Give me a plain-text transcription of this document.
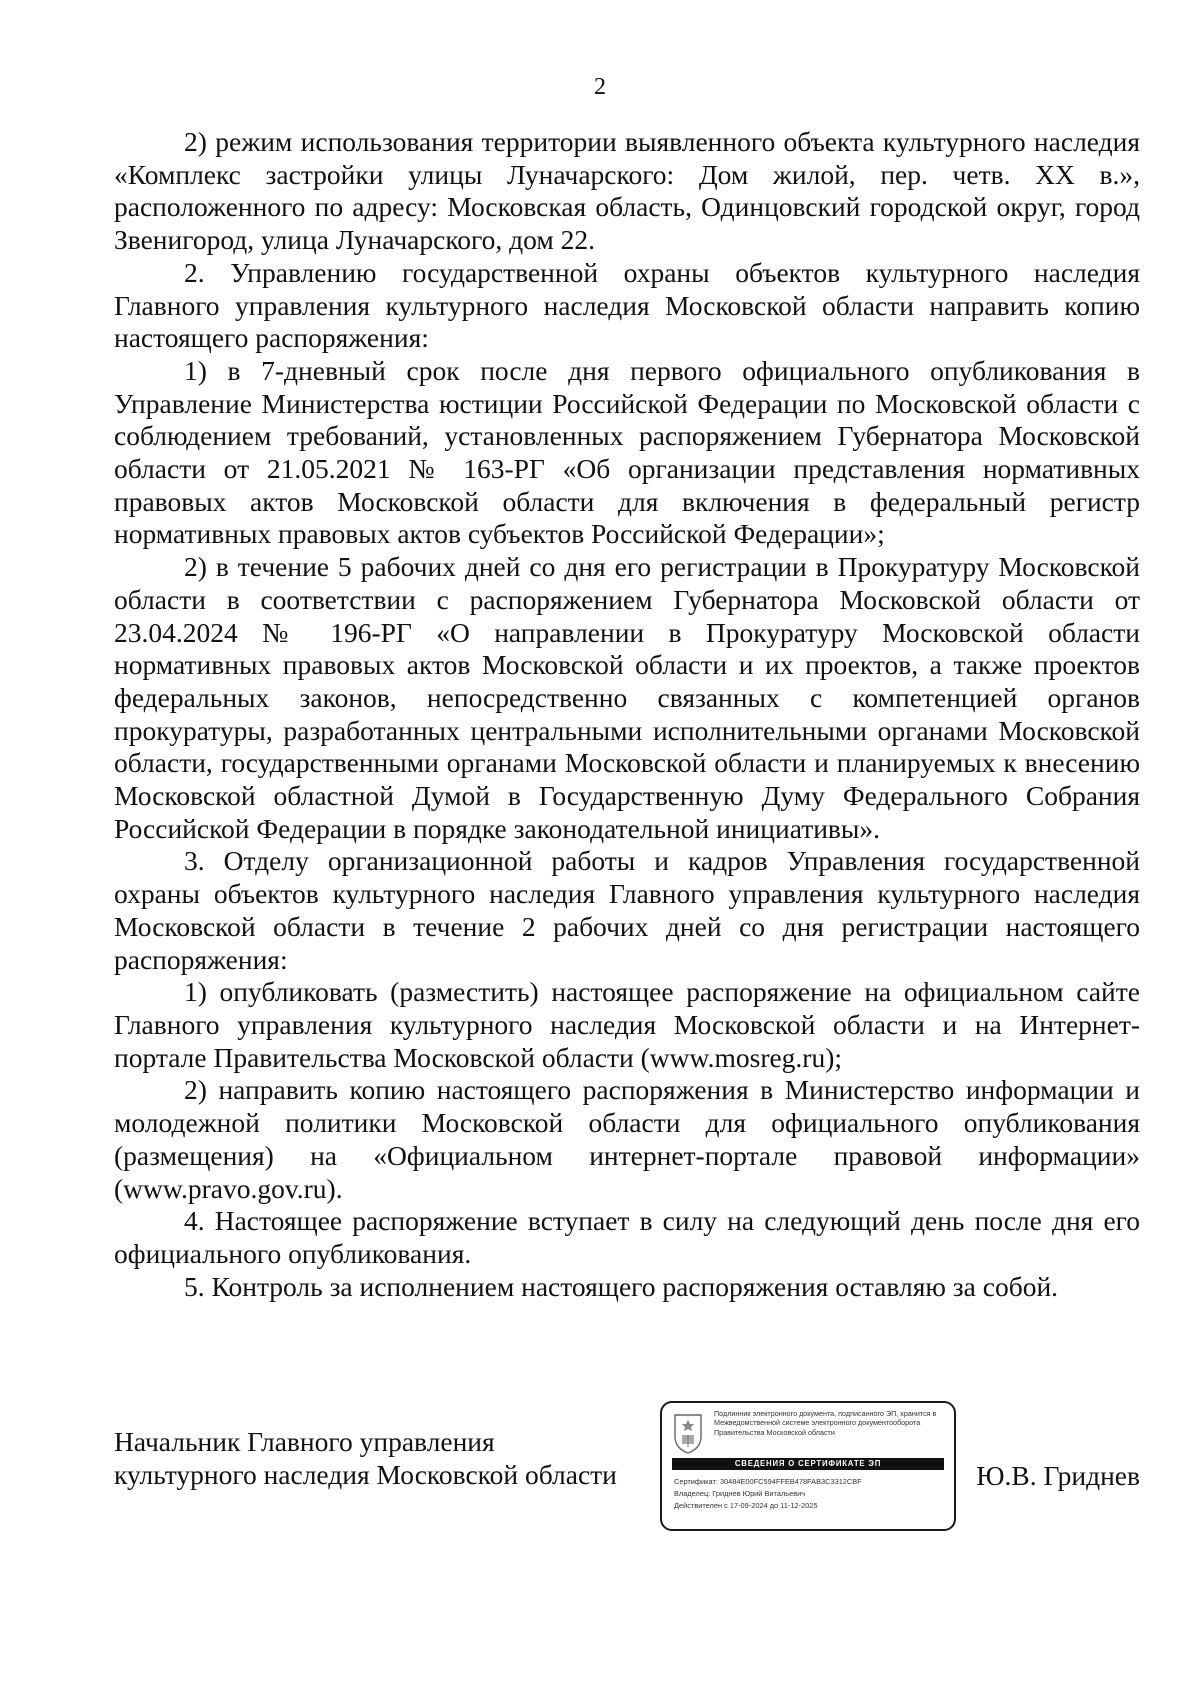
2

2) режим использования территории выявленного объекта культурного наследия «Комплекс застройки улицы Луначарского: Дом жилой, пер. четв. XX в.», расположенного по адресу: Московская область, Одинцовский городской округ, город Звенигород, улица Луначарского, дом 22.

2. Управлению государственной охраны объектов культурного наследия Главного управления культурного наследия Московской области направить копию настоящего распоряжения:

1) в 7-дневный срок после дня первого официального опубликования в Управление Министерства юстиции Российской Федерации по Московской области с соблюдением требований, установленных распоряжением Губернатора Московской области от 21.05.2021 № 163-РГ «Об организации представления нормативных правовых актов Московской области для включения в федеральный регистр нормативных правовых актов субъектов Российской Федерации»;

2) в течение 5 рабочих дней со дня его регистрации в Прокуратуру Московской области в соответствии с распоряжением Губернатора Московской области от 23.04.2024 № 196-РГ «О направлении в Прокуратуру Московской области нормативных правовых актов Московской области и их проектов, а также проектов федеральных законов, непосредственно связанных с компетенцией органов прокуратуры, разработанных центральными исполнительными органами Московской области, государственными органами Московской области и планируемых к внесению Московской областной Думой в Государственную Думу Федерального Собрания Российской Федерации в порядке законодательной инициативы».

3. Отделу организационной работы и кадров Управления государственной охраны объектов культурного наследия Главного управления культурного наследия Московской области в течение 2 рабочих дней со дня регистрации настоящего распоряжения:

1) опубликовать (разместить) настоящее распоряжение на официальном сайте Главного управления культурного наследия Московской области и на Интернет-портале Правительства Московской области (www.mosreg.ru);

2) направить копию настоящего распоряжения в Министерство информации и молодежной политики Московской области для официального опубликования (размещения) на «Официальном интернет-портале правовой информации» (www.pravo.gov.ru).

4. Настоящее распоряжение вступает в силу на следующий день после дня его официального опубликования.

5. Контроль за исполнением настоящего распоряжения оставляю за собой.

Начальник Главного управления
культурного наследия Московской области
Подлинник электронного документа, подписанного ЭП, хранится в Межведомственной системе электронного документооборота Правительства Московской области
СВЕДЕНИЯ О СЕРТИФИКАТЕ ЭП
Сертификат: 30484E00FC594FFEB478FAB3C3312CBF
Владелец: Гриднев Юрий Витальевич
Действителен с 17-09-2024 до 11-12-2025
Ю.В. Гриднев
